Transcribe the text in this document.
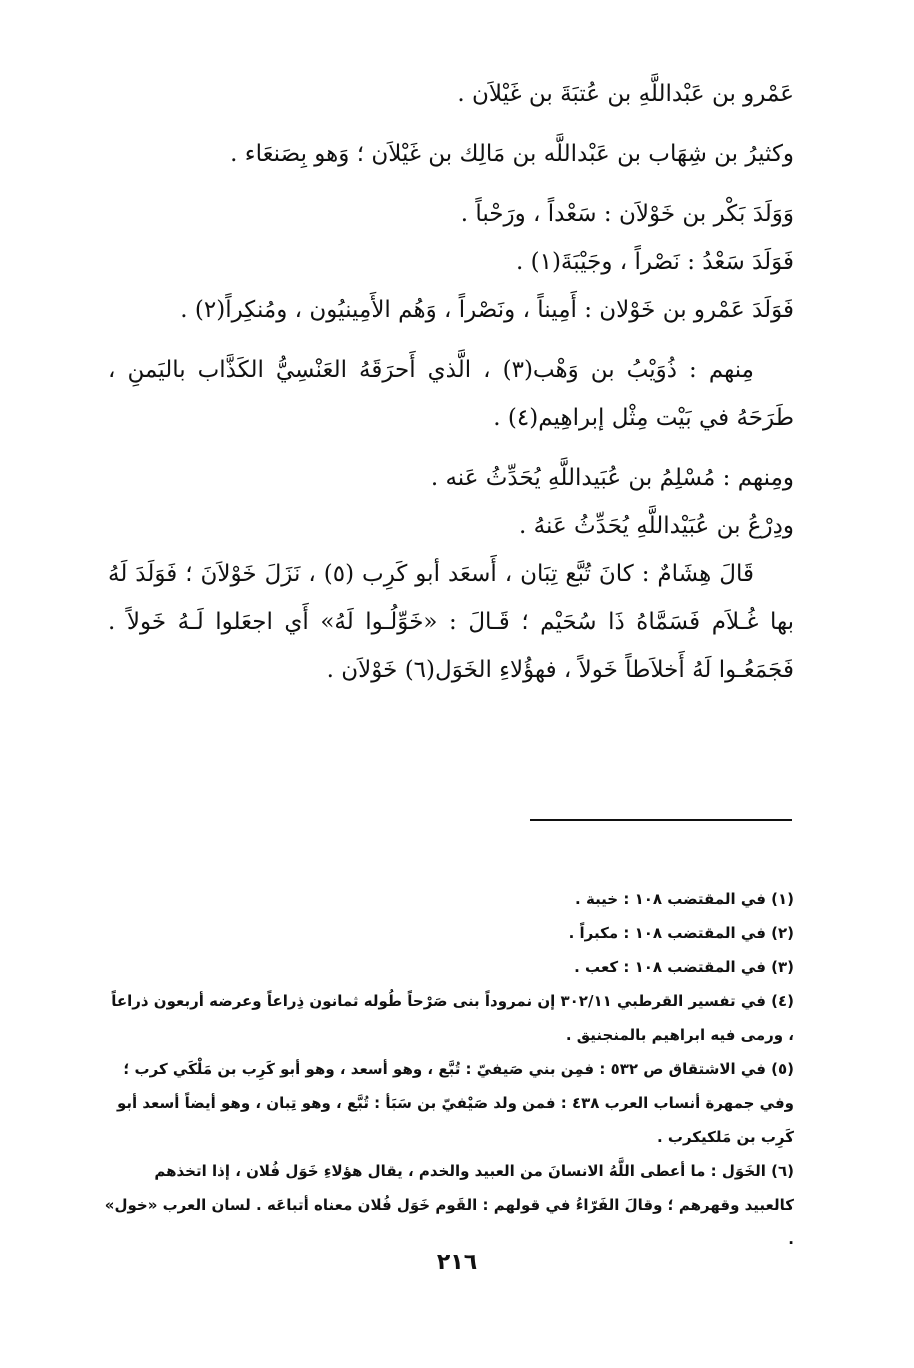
عَمْرو بن عَبْداللَّهِ بن عُتبَةَ بن غَيْلاَن .

وكثيرُ بن شِهَاب بن عَبْداللَّه بن مَالِك بن غَيْلاَن ؛ وَهو بِصَنعَاء .

وَوَلَدَ بَكْر بن خَوْلاَن : سَعْداً ، ورَحْباً .

فَوَلَدَ سَعْدُ : نَصْراً ، وجَيْبَةَ(١) .

فَوَلَدَ عَمْرو بن خَوْلان : أَمِيناً ، ونَصْراً ، وَهُم الأَمِينيُون ، ومُنكِراً(٢) .

مِنهم : ذُوَيْبُ بن وَهْب(٣) ، الَّذي أَحرَقَهُ العَنْسِيُّ الكَذَّاب باليَمنِ ، طَرَحَهُ في بَيْت مِثْل إبراهِيم(٤) .

ومِنهم : مُسْلِمُ بن عُبَيداللَّهِ يُحَدِّثُ عَنه .

ودِرْعُ بن عُبَيْداللَّهِ يُحَدِّثُ عَنهُ .

قَالَ هِشَامٌ : كانَ تُبَّع تِبَان ، أَسعَد أبو كَرِب (٥) ، نَزَلَ خَوْلاَنَ ؛ فَوَلَدَ لَهُ بها غُـلاَم فَسَمَّاهُ ذَا سُحَيْم ؛ قَـالَ : «خَوِّلُـوا لَهُ» أَي اجعَلوا لَـهُ خَولاً . فَجَمَعُـوا لَهُ أَخلاَطاً خَولاً ، فهؤُلاءِ الخَوَل(٦) خَوْلاَن .

(١) في المقتضب ١٠٨ : خيبة .

(٢) في المقتضب ١٠٨ : مكبراً .

(٣) في المقتضب ١٠٨ : كعب .

(٤) في تفسير القرطبي ٣٠٢/١١ إن نمروداً بنى صَرْحاً طُوله ثمانون ذِراعاً وعرضه أربعون ذراعاً ، ورمى فيه ابراهيم بالمنجنيق .

(٥) في الاشتقاق ص ٥٣٢ : فمِن بني صَيفيّ : تُبَّع ، وهو أسعد ، وهو أبو كَرِب بن مَلْكَي كرب ؛ وفي جمهرة أنساب العرب ٤٣٨ : فمن ولد صَيْفيّ بن سَبَأ : تُبَّع ، وهو تِبان ، وهو أيضاً أسعد أبو كَرِب بن مَلكيكرب .

(٦) الخَوَل : ما أعطى اللَّهُ الانسانَ من العبيد والخدم ، يقال هؤلاءِ خَوَل فُلان ، إذا اتخذهم كالعبيد وقهرهم ؛ وقالَ الفَرّاءُ في قولهم : القَوم خَوَل فُلان معناه أتباعَه . لسان العرب «خول» .

٢١٦
